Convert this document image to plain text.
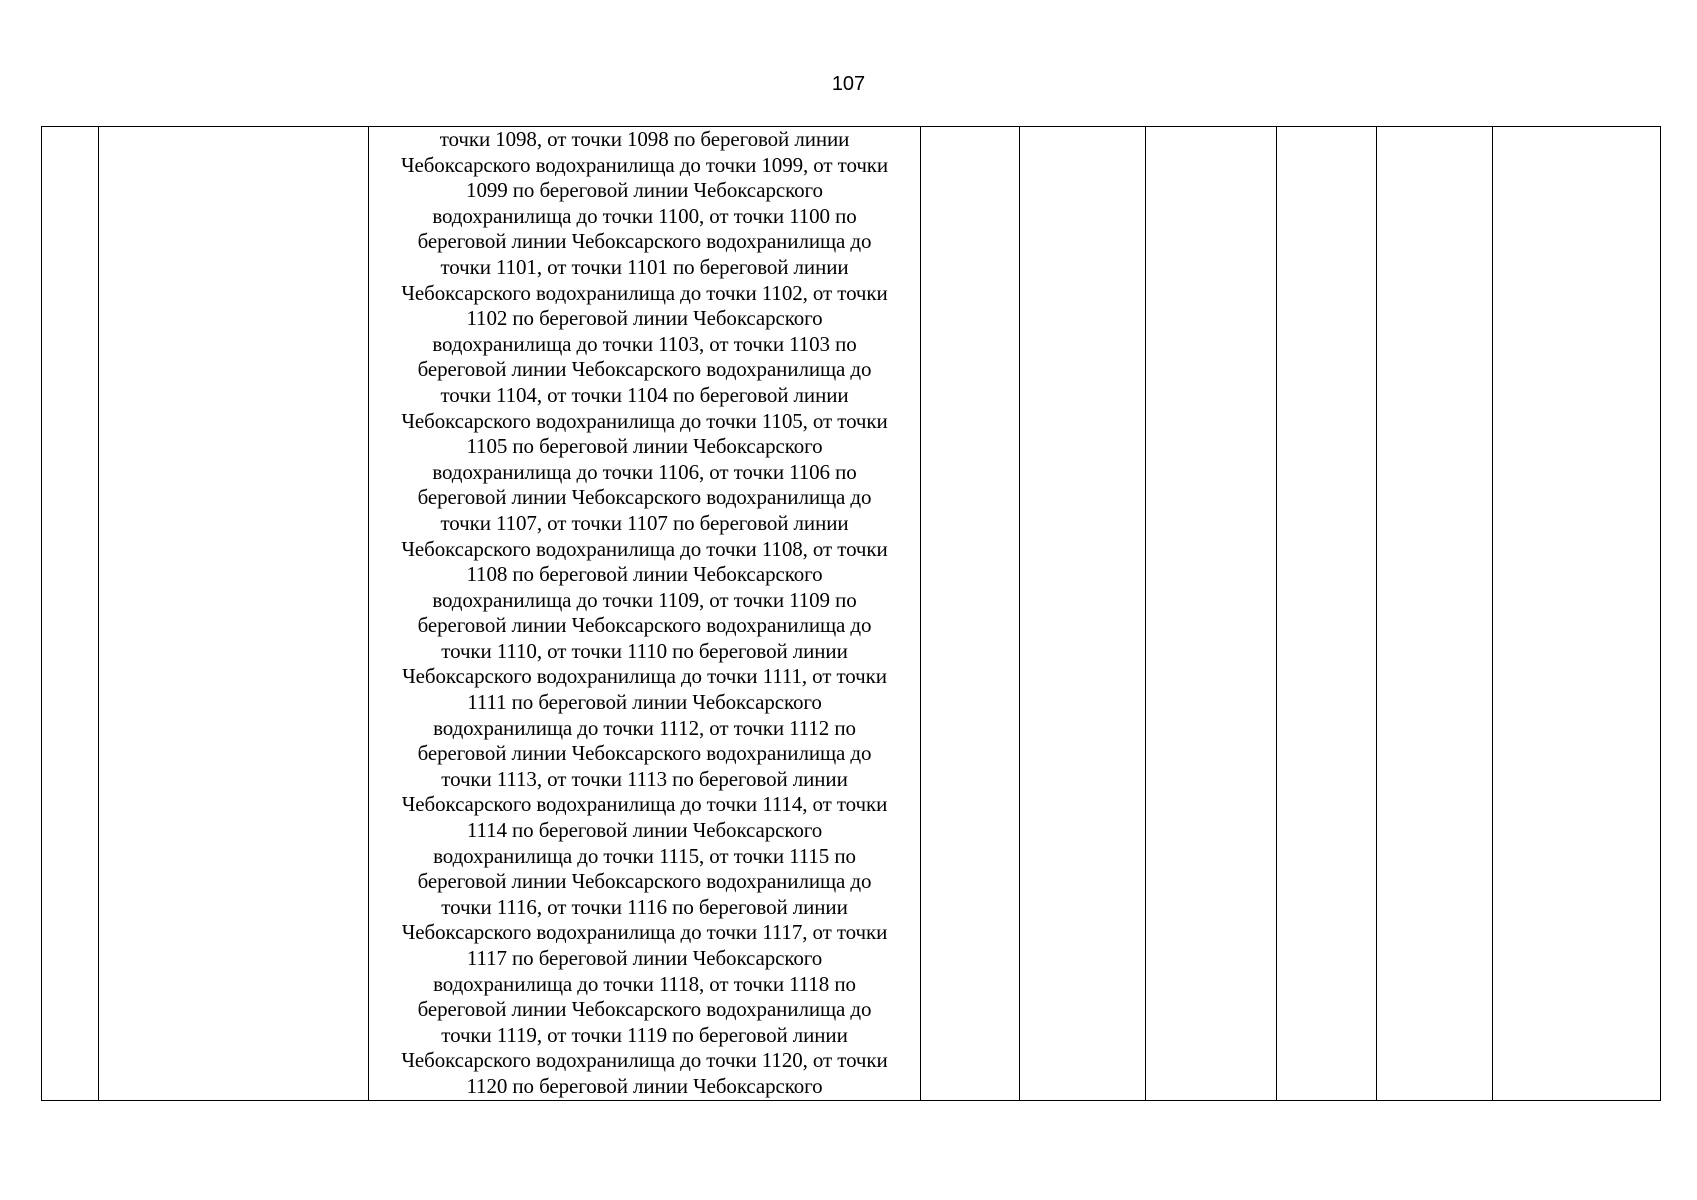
107

точки 1098, от точки 1098 по береговой линии
Чебоксарского водохранилища до точки 1099, от точки
1099 по береговой линии Чебоксарского
водохранилища до точки 1100, от точки 1100 по
береговой линии Чебоксарского водохранилища до
точки 1101, от точки 1101 по береговой линии
Чебоксарского водохранилища до точки 1102, от точки
1102 по береговой линии Чебоксарского
водохранилища до точки 1103, от точки 1103 по
береговой линии Чебоксарского водохранилища до
точки 1104, от точки 1104 по береговой линии
Чебоксарского водохранилища до точки 1105, от точки
1105 по береговой линии Чебоксарского
водохранилища до точки 1106, от точки 1106 по
береговой линии Чебоксарского водохранилища до
точки 1107, от точки 1107 по береговой линии
Чебоксарского водохранилища до точки 1108, от точки
1108 по береговой линии Чебоксарского
водохранилища до точки 1109, от точки 1109 по
береговой линии Чебоксарского водохранилища до
точки 1110, от точки 1110 по береговой линии
Чебоксарского водохранилища до точки 1111, от точки
1111 по береговой линии Чебоксарского
водохранилища до точки 1112, от точки 1112 по
береговой линии Чебоксарского водохранилища до
точки 1113, от точки 1113 по береговой линии
Чебоксарского водохранилища до точки 1114, от точки
1114 по береговой линии Чебоксарского
водохранилища до точки 1115, от точки 1115 по
береговой линии Чебоксарского водохранилища до
точки 1116, от точки 1116 по береговой линии
Чебоксарского водохранилища до точки 1117, от точки
1117 по береговой линии Чебоксарского
водохранилища до точки 1118, от точки 1118 по
береговой линии Чебоксарского водохранилища до
точки 1119, от точки 1119 по береговой линии
Чебоксарского водохранилища до точки 1120, от точки
1120 по береговой линии Чебоксарского
